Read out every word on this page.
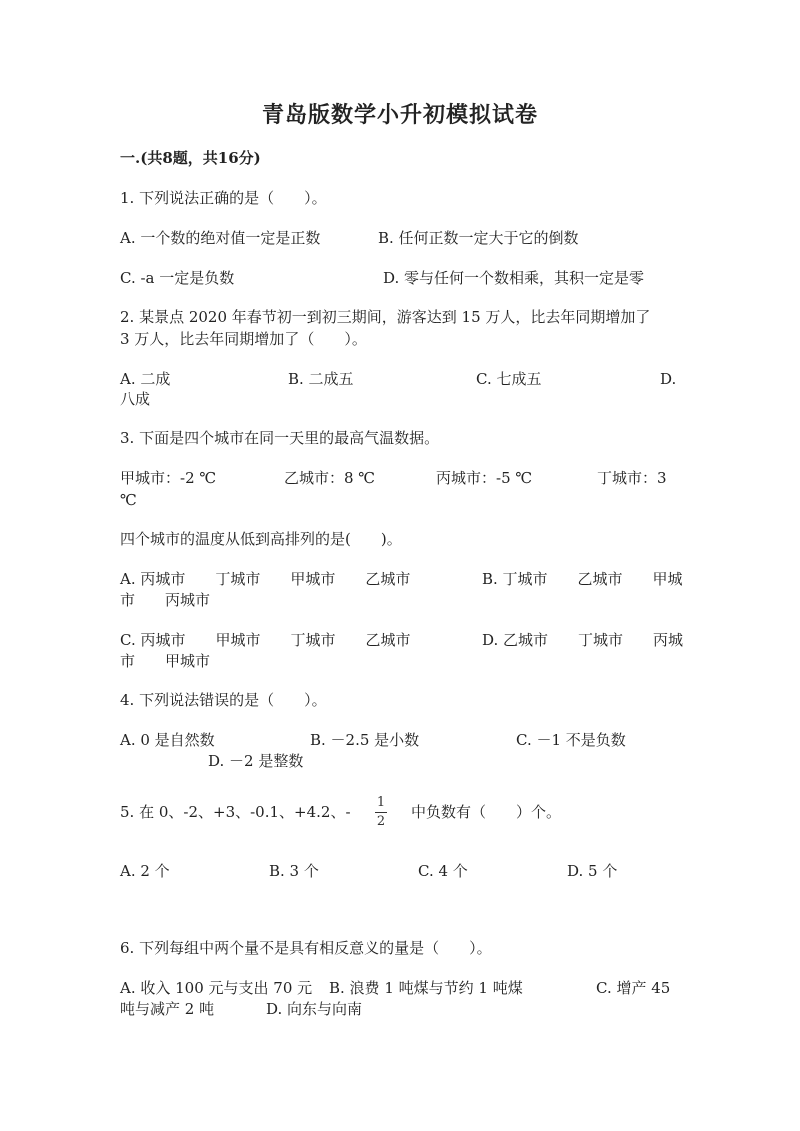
青岛版数学小升初模拟试卷
一.(共8题，共16分)
1. 下列说法正确的是（　　）。
A. 一个数的绝对值一定是正数	B. 任何正数一定大于它的倒数
C. -a 一定是负数	D. 零与任何一个数相乘，其积一定是零
2. 某景点 2020 年春节初一到初三期间，游客达到 15 万人，比去年同期增加了
3 万人，比去年同期增加了（　　）。
A. 二成	B. 二成五	C. 七成五	D.
八成
3. 下面是四个城市在同一天里的最高气温数据。
甲城市：-2 ℃	乙城市：8 ℃	丙城市：-5 ℃	丁城市：3
℃
四个城市的温度从低到高排列的是(　　)。
A. 丙城市　　丁城市　　甲城市　　乙城市	B. 丁城市　　乙城市　　甲城
市　　丙城市
C. 丙城市　　甲城市　　丁城市　　乙城市	D. 乙城市　　丁城市　　丙城
市　　甲城市
4. 下列说法错误的是（　　）。
A. 0 是自然数	B. －2.5 是小数	C. －1 不是负数
D. －2 是整数
5. 在 0、-2、+3、-0.1、+4.2、-
1
2
中负数有（　　）个。
A. 2 个	B. 3 个	C. 4 个	D. 5 个
6. 下列每组中两个量不是具有相反意义的量是（　　）。
A. 收入 100 元与支出 70 元 B. 浪费 1 吨煤与节约 1 吨煤	C. 增产 45
吨与减产 2 吨	D. 向东与向南
